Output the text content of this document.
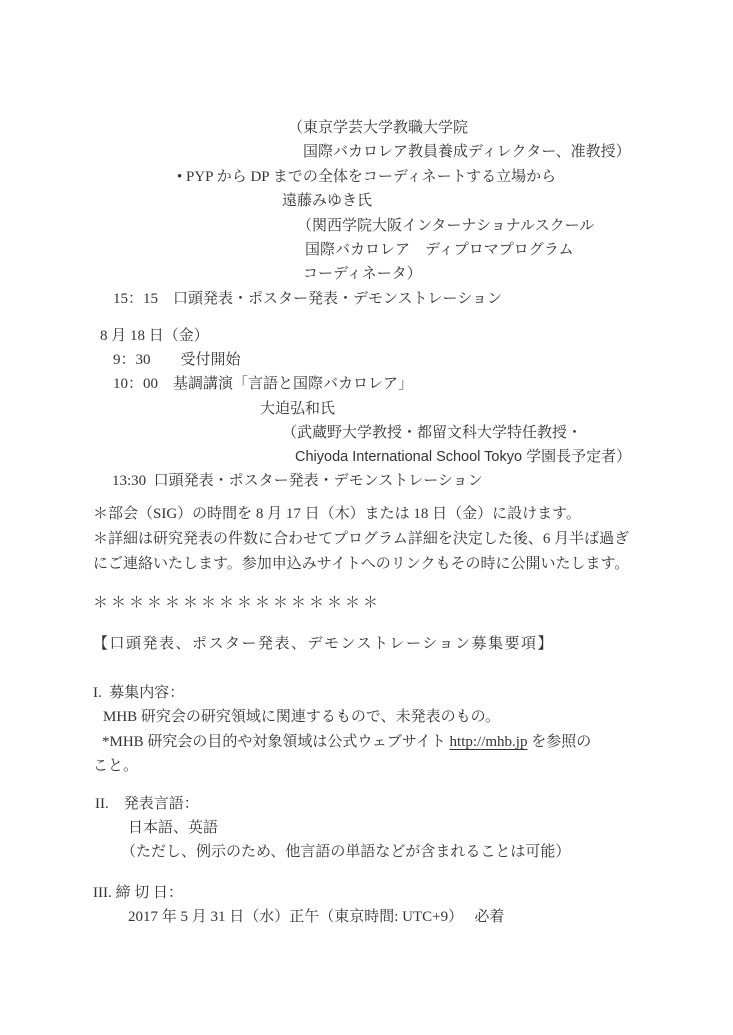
（東京学芸大学教職大学院
国際バカロレア教員養成ディレクター、准教授）
• PYP から DP までの全体をコーディネートする立場から
遠藤みゆき氏
（関西学院大阪インターナショナルスクール
国際バカロレア　ディプロマプログラム
コーディネータ）
15：15　口頭発表・ポスター発表・デモンストレーション
8 月 18 日（金）
9：30　　受付開始
10：00　基調講演「言語と国際バカロレア」
大迫弘和氏
（武蔵野大学教授・都留文科大学特任教授・
Chiyoda International School Tokyo 学園長予定者）
13:30  口頭発表・ポスター発表・デモンストレーション
＊部会（SIG）の時間を 8 月 17 日（木）または 18 日（金）に設けます。
＊詳細は研究発表の件数に合わせてプログラム詳細を決定した後、6 月半ば過ぎ
にご連絡いたします。参加申込みサイトへのリンクもその時に公開いたします。
＊＊＊＊＊＊＊＊＊＊＊＊＊＊＊＊
【口頭発表、ポスター発表、デモンストレーション募集要項】
I.  募集内容：
MHB 研究会の研究領域に関連するもので、未発表のもの。
*MHB 研究会の目的や対象領域は公式ウェブサイト http://mhb.jp を参照の
こと。
II.　発表言語：
日本語、英語
（ただし、例示のため、他言語の単語などが含まれることは可能）
III. 締 切 日：
2017 年 5 月 31 日（水）正午（東京時間: UTC+9）　 必着
